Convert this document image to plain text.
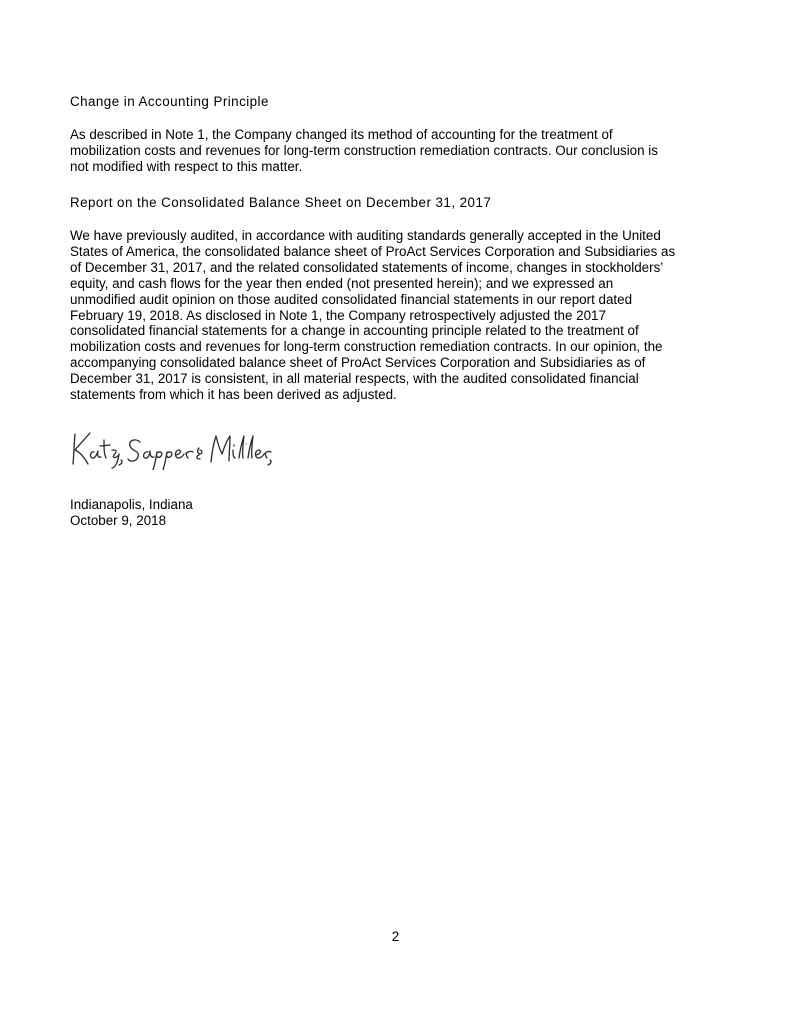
Change in Accounting Principle

As described in Note 1, the Company changed its method of accounting for the treatment of
mobilization costs and revenues for long-term construction remediation contracts. Our conclusion is
not modified with respect to this matter.

Report on the Consolidated Balance Sheet on December 31, 2017

We have previously audited, in accordance with auditing standards generally accepted in the United
States of America, the consolidated balance sheet of ProAct Services Corporation and Subsidiaries as
of December 31, 2017, and the related consolidated statements of income, changes in stockholders’
equity, and cash flows for the year then ended (not presented herein); and we expressed an
unmodified audit opinion on those audited consolidated financial statements in our report dated
February 19, 2018. As disclosed in Note 1, the Company retrospectively adjusted the 2017
consolidated financial statements for a change in accounting principle related to the treatment of
mobilization costs and revenues for long-term construction remediation contracts. In our opinion, the
accompanying consolidated balance sheet of ProAct Services Corporation and Subsidiaries as of
December 31, 2017 is consistent, in all material respects, with the audited consolidated financial
statements from which it has been derived as adjusted.

Indianapolis, Indiana

October 9, 2018

2
